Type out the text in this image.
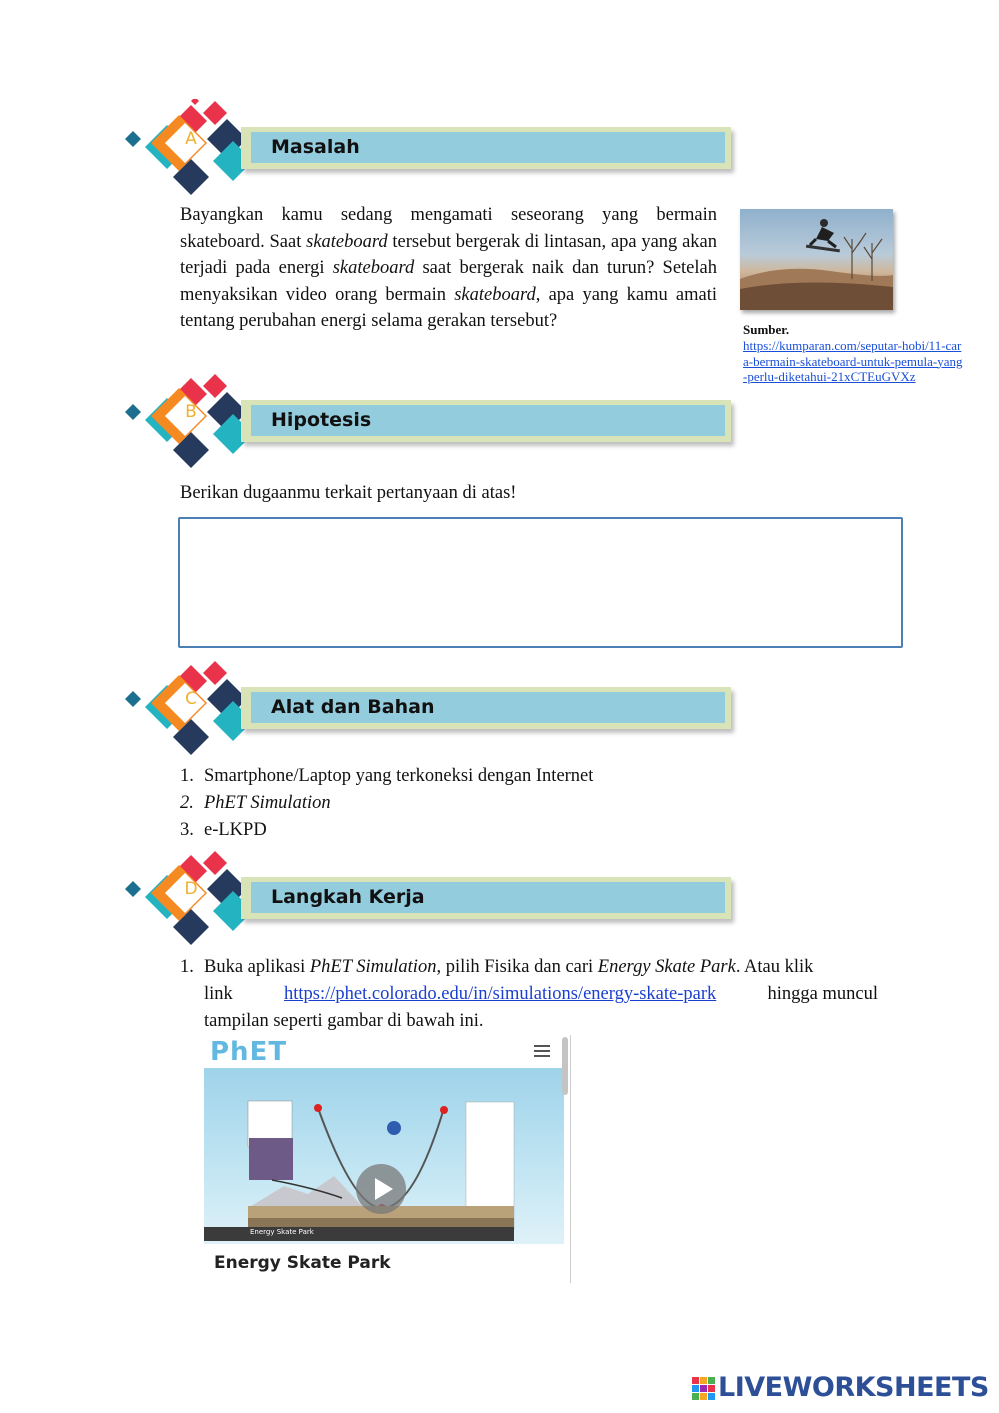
A	Masalah
Bayangkan kamu sedang mengamati seseorang yang bermain skateboard. Saat skateboard tersebut bergerak di lintasan, apa yang akan terjadi pada energi skateboard saat bergerak naik dan turun? Setelah menyaksikan video orang bermain skateboard, apa yang kamu amati tentang perubahan energi selama gerakan tersebut?	Sumber.
https://kumparan.com/seputar-hobi/11-cara-bermain-skateboard-untuk-pemula-yang-perlu-diketahui-21xCTEuGVXz
B	Hipotesis
Berikan dugaanmu terkait pertanyaan di atas!
C	Alat dan Bahan
1. Smartphone/Laptop yang terkoneksi dengan Internet
2. PhET Simulation
3. e-LKPD
D	Langkah Kerja
1. Buka aplikasi PhET Simulation, pilih Fisika dan cari Energy Skate Park. Atau klik
link	https://phet.colorado.edu/in/simulations/energy-skate-park	hingga muncul
tampilan seperti gambar di bawah ini.
PhET
Energy Skate Park
Energy Skate Park
LIVEWORKSHEETS
